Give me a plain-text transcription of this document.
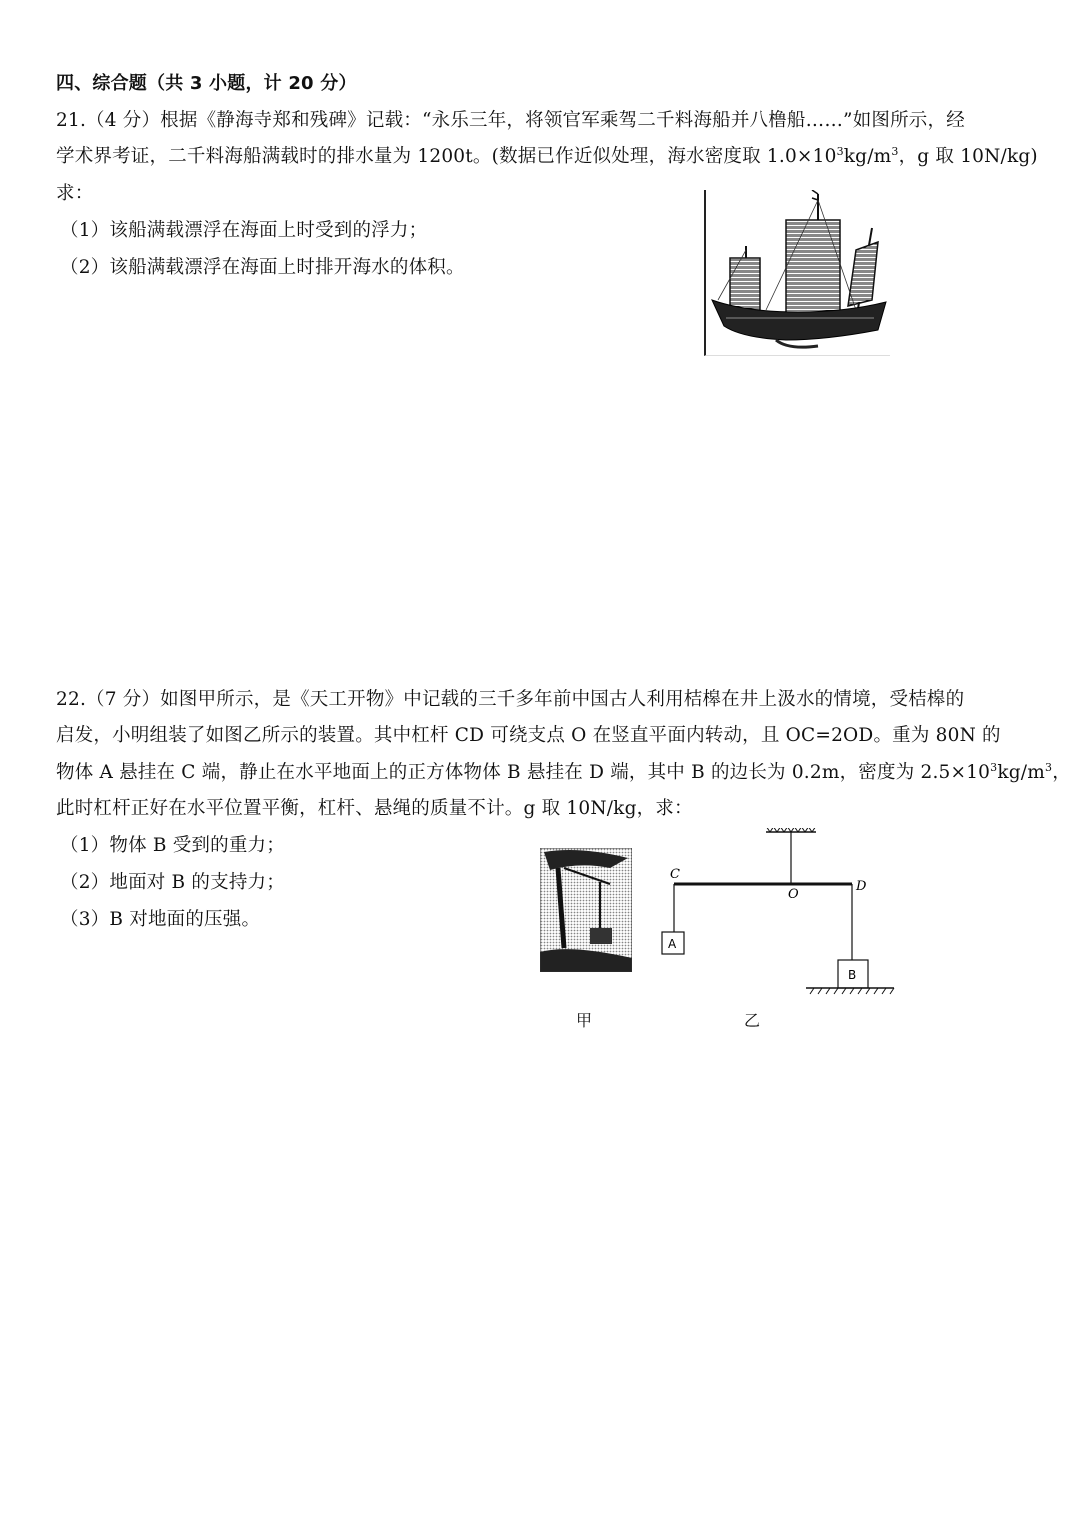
四、综合题（共 3 小题，计 20 分）
21.（4 分）根据《静海寺郑和残碑》记载：“永乐三年，将领官军乘驾二千料海船并八橹船……”如图所示，经
学术界考证，二千料海船满载时的排水量为 1200t。(数据已作近似处理，海水密度取 $1.0\times 10^3kg/m^3$，g 取 10N/kg)
求：
（1）该船满载漂浮在海面上时受到的浮力；
（2）该船满载漂浮在海面上时排开海水的体积。
22.（7 分）如图甲所示，是《天工开物》中记载的三千多年前中国古人利用桔槔在井上汲水的情境，受桔槔的
启发，小明组装了如图乙所示的装置。其中杠杆 CD 可绕支点 O 在竖直平面内转动，且 OC=2OD。重为 80N 的
物体 A 悬挂在 C 端，静止在水平地面上的正方体物体 B 悬挂在 D 端，其中 B 的边长为 0.2m，密度为 $2.5\times 10^3kg/m^3$，
此时杠杆正好在水平位置平衡，杠杆、悬绳的质量不计。g 取 10N/kg，求：
（1）物体 B 受到的重力；
（2）地面对 B 的支持力；
（3）B 对地面的压强。
C
O
D
A
B
甲	乙
